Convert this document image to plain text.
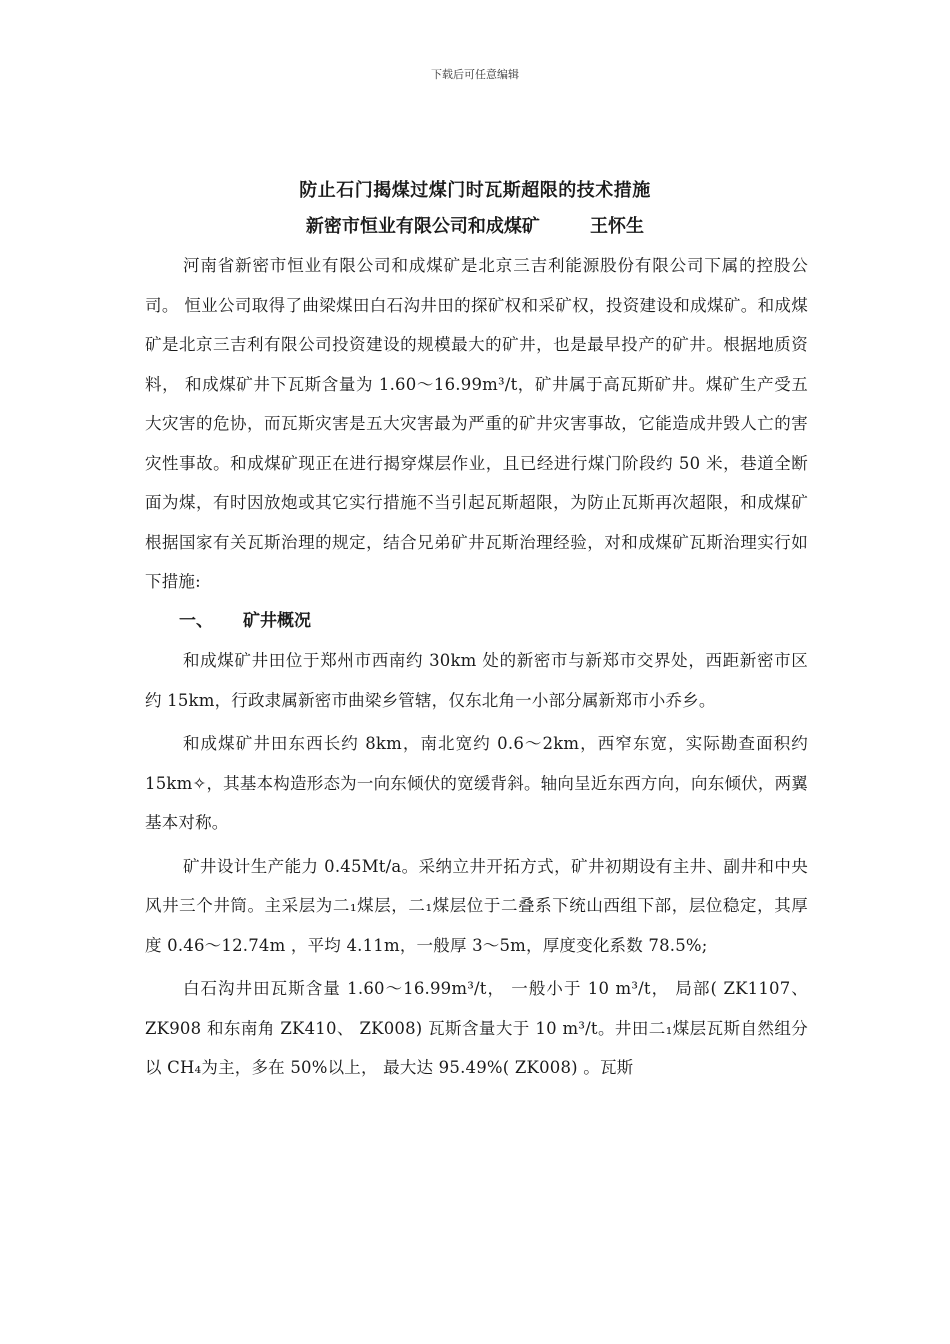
下载后可任意编辑
防止石门揭煤过煤门时瓦斯超限的技术措施
新密市恒业有限公司和成煤矿        王怀生

河南省新密市恒业有限公司和成煤矿是北京三吉利能源股份有限公司下属的控股公司。 恒业公司取得了曲梁煤田白石沟井田的探矿权和采矿权，投资建设和成煤矿。和成煤矿是北京三吉利有限公司投资建设的规模最大的矿井，也是最早投产的矿井。根据地质资料， 和成煤矿井下瓦斯含量为 1.60～16.99m³/t，矿井属于高瓦斯矿井。煤矿生产受五大灾害的危协，而瓦斯灾害是五大灾害最为严重的矿井灾害事故，它能造成井毁人亡的害灾性事故。和成煤矿现正在进行揭穿煤层作业，且已经进行煤门阶段约 50 米，巷道全断面为煤，有时因放炮或其它实行措施不当引起瓦斯超限，为防止瓦斯再次超限，和成煤矿根据国家有关瓦斯治理的规定，结合兄弟矿井瓦斯治理经验，对和成煤矿瓦斯治理实行如下措施:

一、 矿井概况

和成煤矿井田位于郑州市西南约 30km 处的新密市与新郑市交界处，西距新密市区约 15km，行政隶属新密市曲梁乡管辖，仅东北角一小部分属新郑市小乔乡。

和成煤矿井田东西长约 8km，南北宽约 0.6～2km，西窄东宽，实际勘查面积约 15km✧，其基本构造形态为一向东倾伏的宽缓背斜。轴向呈近东西方向，向东倾伏，两翼基本对称。

矿井设计生产能力 0.45Mt/a。采纳立井开拓方式，矿井初期设有主井、副井和中央风井三个井筒。主采层为二₁煤层，二₁煤层位于二叠系下统山西组下部，层位稳定，其厚度 0.46～12.74m ，平均 4.11m，一般厚 3～5m，厚度变化系数 78.5%;

白石沟井田瓦斯含量 1.60～16.99m³/t， 一般小于 10 m³/t， 局部( ZK1107、 ZK908 和东南角 ZK410、 ZK008) 瓦斯含量大于 10 m³/t。井田二₁煤层瓦斯自然组分以 CH₄为主，多在 50%以上， 最大达 95.49%( ZK008) 。瓦斯
